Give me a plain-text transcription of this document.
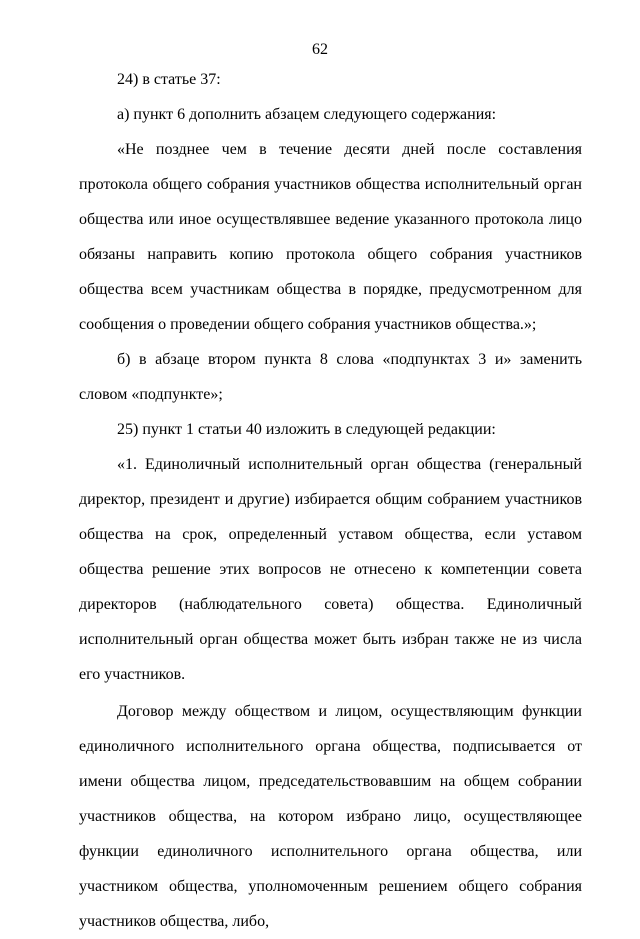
62

24) в статье 37:

а) пункт 6 дополнить абзацем следующего содержания:

«Не позднее чем в течение десяти дней после составления протокола общего собрания участников общества исполнительный орган общества или иное осуществлявшее ведение указанного протокола лицо обязаны направить копию протокола общего собрания участников общества всем участникам общества в порядке, предусмотренном для сообщения о проведении общего собрания участников общества.»;

б) в абзаце втором пункта 8 слова «подпунктах 3 и» заменить словом «подпункте»;

25) пункт 1 статьи 40 изложить в следующей редакции:

«1. Единоличный исполнительный орган общества (генеральный директор, президент и другие) избирается общим собранием участников общества на срок, определенный уставом общества, если уставом общества решение этих вопросов не отнесено к компетенции совета директоров (наблюдательного совета) общества. Единоличный исполнительный орган общества может быть избран также не из числа его участников.

Договор между обществом и лицом, осуществляющим функции единоличного исполнительного органа общества, подписывается от имени общества лицом, председательствовавшим на общем собрании участников общества, на котором избрано лицо, осуществляющее функции единоличного исполнительного органа общества, или участником общества, уполномоченным решением общего собрания участников общества, либо,
